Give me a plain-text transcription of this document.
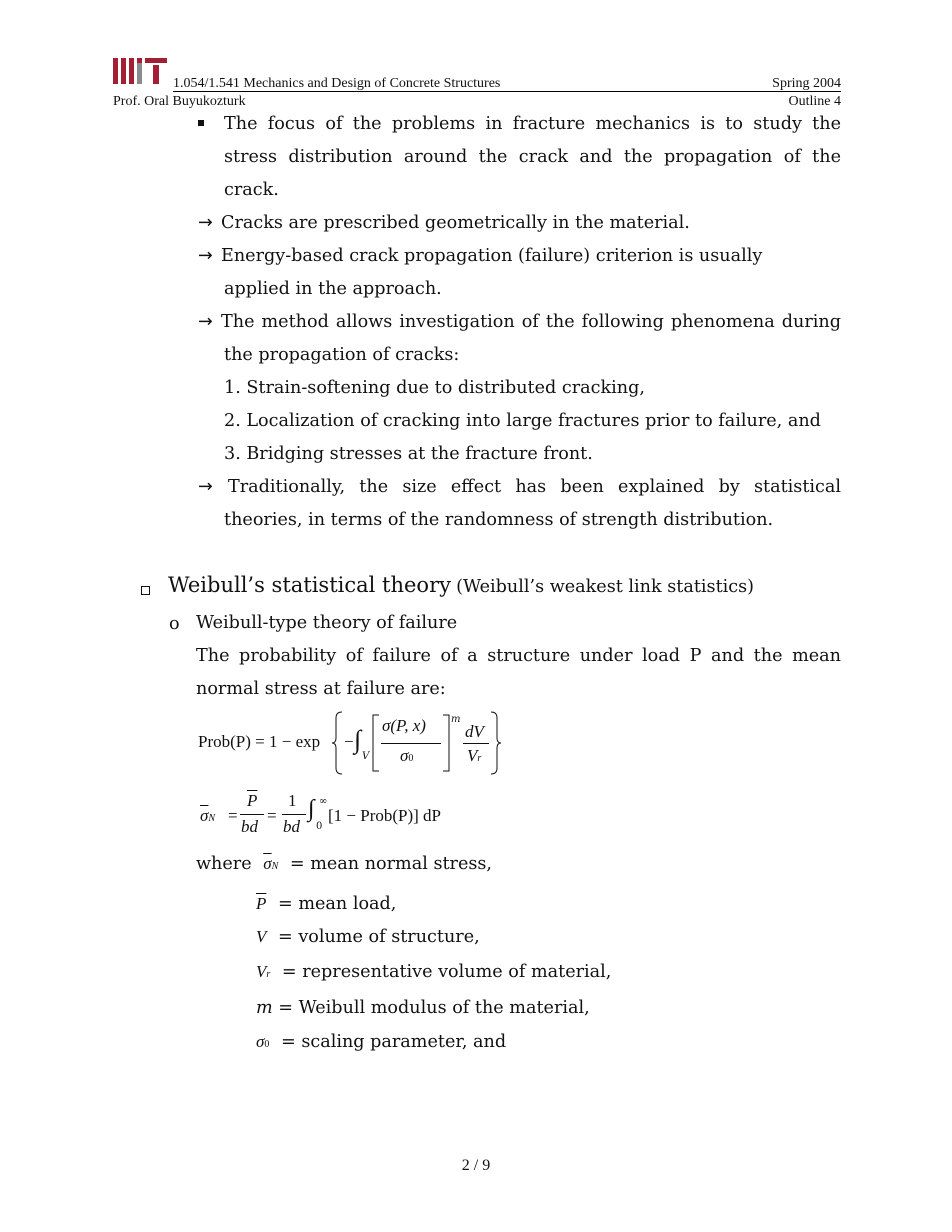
1.054/1.541 Mechanics and Design of Concrete Structures	Spring 2004
Prof. Oral Buyukozturk	Outline 4
The focus of the problems in fracture mechanics is to study the
stress distribution around the crack and the propagation of the
crack.
→ Cracks are prescribed geometrically in the material.
→ Energy-based crack propagation (failure) criterion is usually
applied in the approach.
→ The method allows investigation of the following phenomena during
the propagation of cracks:
1. Strain-softening due to distributed cracking,
2. Localization of cracking into large fractures prior to failure, and
3. Bridging stresses at the fracture front.
→ Traditionally, the size effect has been explained by statistical
theories, in terms of the randomness of strength distribution.
Weibull’s statistical theory (Weibull’s weakest link statistics)
o Weibull-type theory of failure
The probability of failure of a structure under load P and the mean
normal stress at failure are:
Prob(P) = 1 − exp − ∫
V
σ(P, x)
σ0
m
dV
Vr
$\overline{\sigma}N$ =
$\overline{P}$
bd
=
1
bd
∫ ∞
0
[1 − Prob(P)] dP
where $\overline{\sigma}N$ = mean normal stress,
$\overline{P}$ = mean load,
V = volume of structure,
Vr = representative volume of material,
m = Weibull modulus of the material,
σ0 = scaling parameter, and
2 / 9
